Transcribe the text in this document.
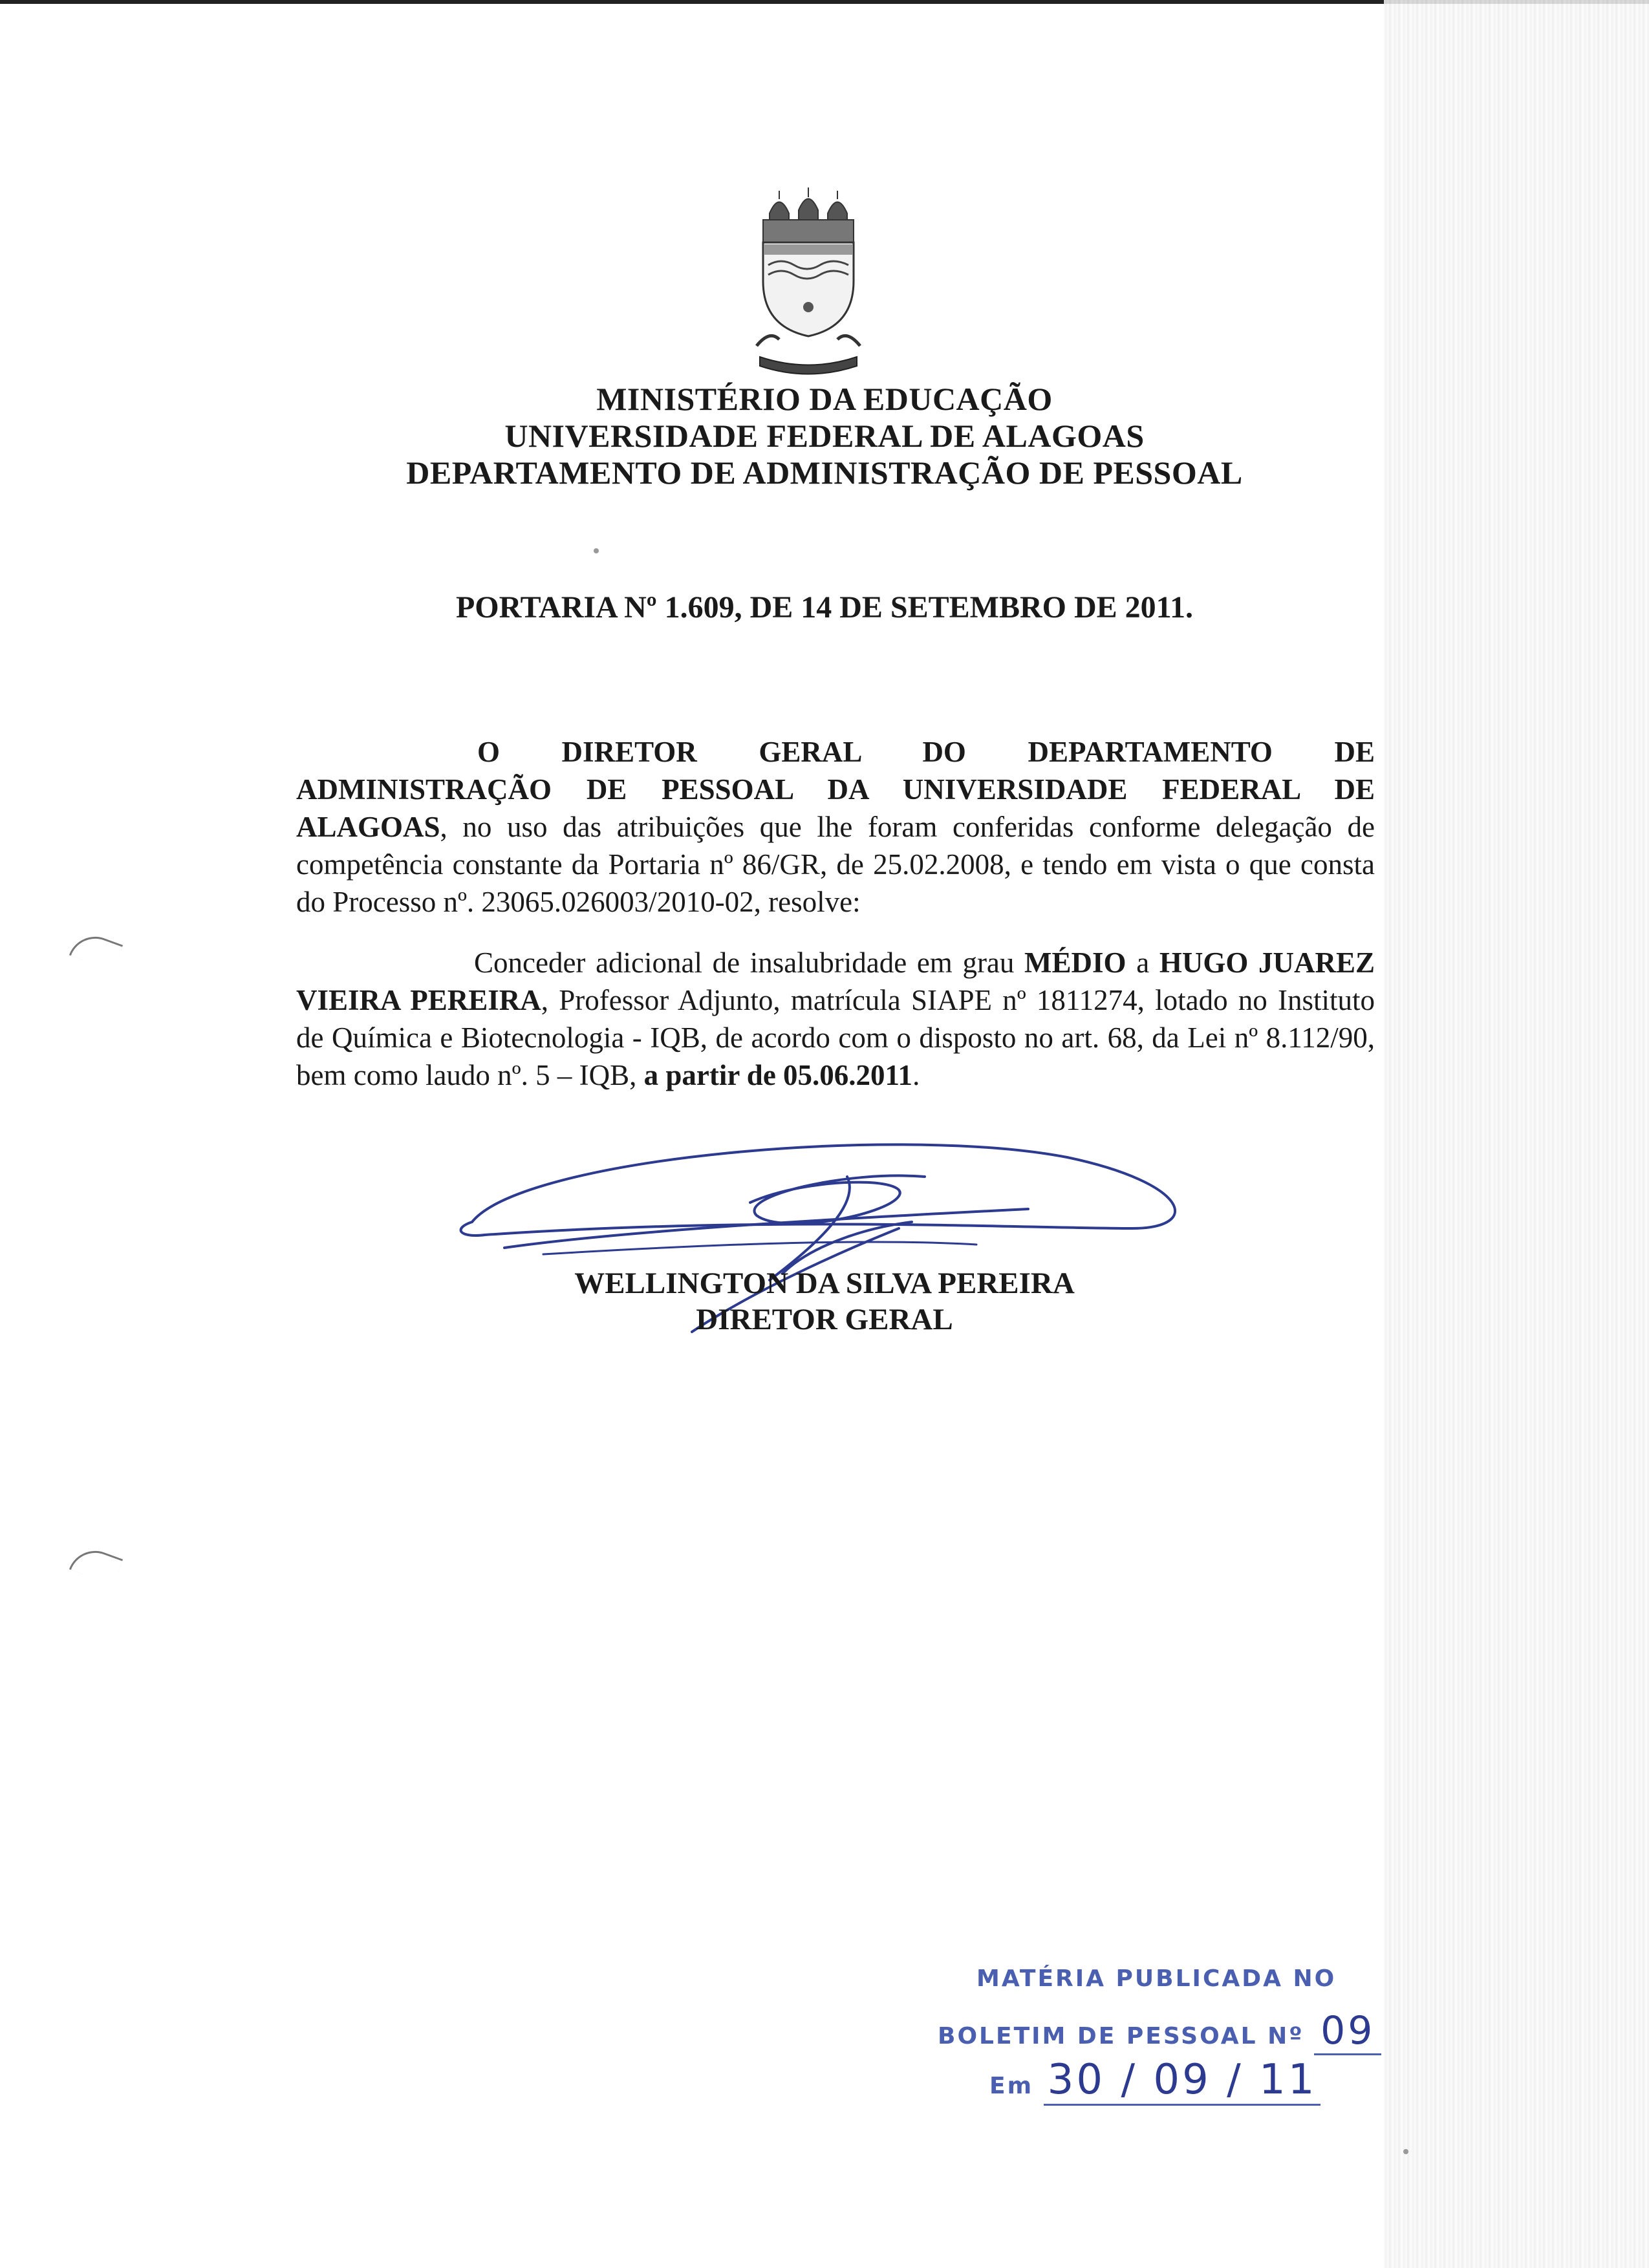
· · ·
MINISTÉRIO DA EDUCAÇÃO
UNIVERSIDADE FEDERAL DE ALAGOAS
DEPARTAMENTO DE ADMINISTRAÇÃO DE PESSOAL
PORTARIA Nº 1.609, DE 14 DE SETEMBRO DE 2011.
O DIRETOR GERAL DO DEPARTAMENTO DE
ADMINISTRAÇÃO DE PESSOAL DA UNIVERSIDADE FEDERAL DE
ALAGOAS, no uso das atribuições que lhe foram conferidas conforme delegação de competência constante da Portaria nº 86/GR, de 25.02.2008, e tendo em vista o que consta do Processo nº. 23065.026003/2010-02, resolve:
Conceder adicional de insalubridade em grau MÉDIO a HUGO JUAREZ VIEIRA PEREIRA, Professor Adjunto, matrícula SIAPE nº 1811274, lotado no Instituto de Química e Biotecnologia - IQB, de acordo com o disposto no art. 68, da Lei nº 8.112/90, bem como laudo nº. 5 – IQB, a partir de 05.06.2011.
WELLINGTON DA SILVA PEREIRA
DIRETOR GERAL
MATÉRIA PUBLICADA NO
BOLETIM DE PESSOAL Nº 09
Em 30 / 09 / 11
